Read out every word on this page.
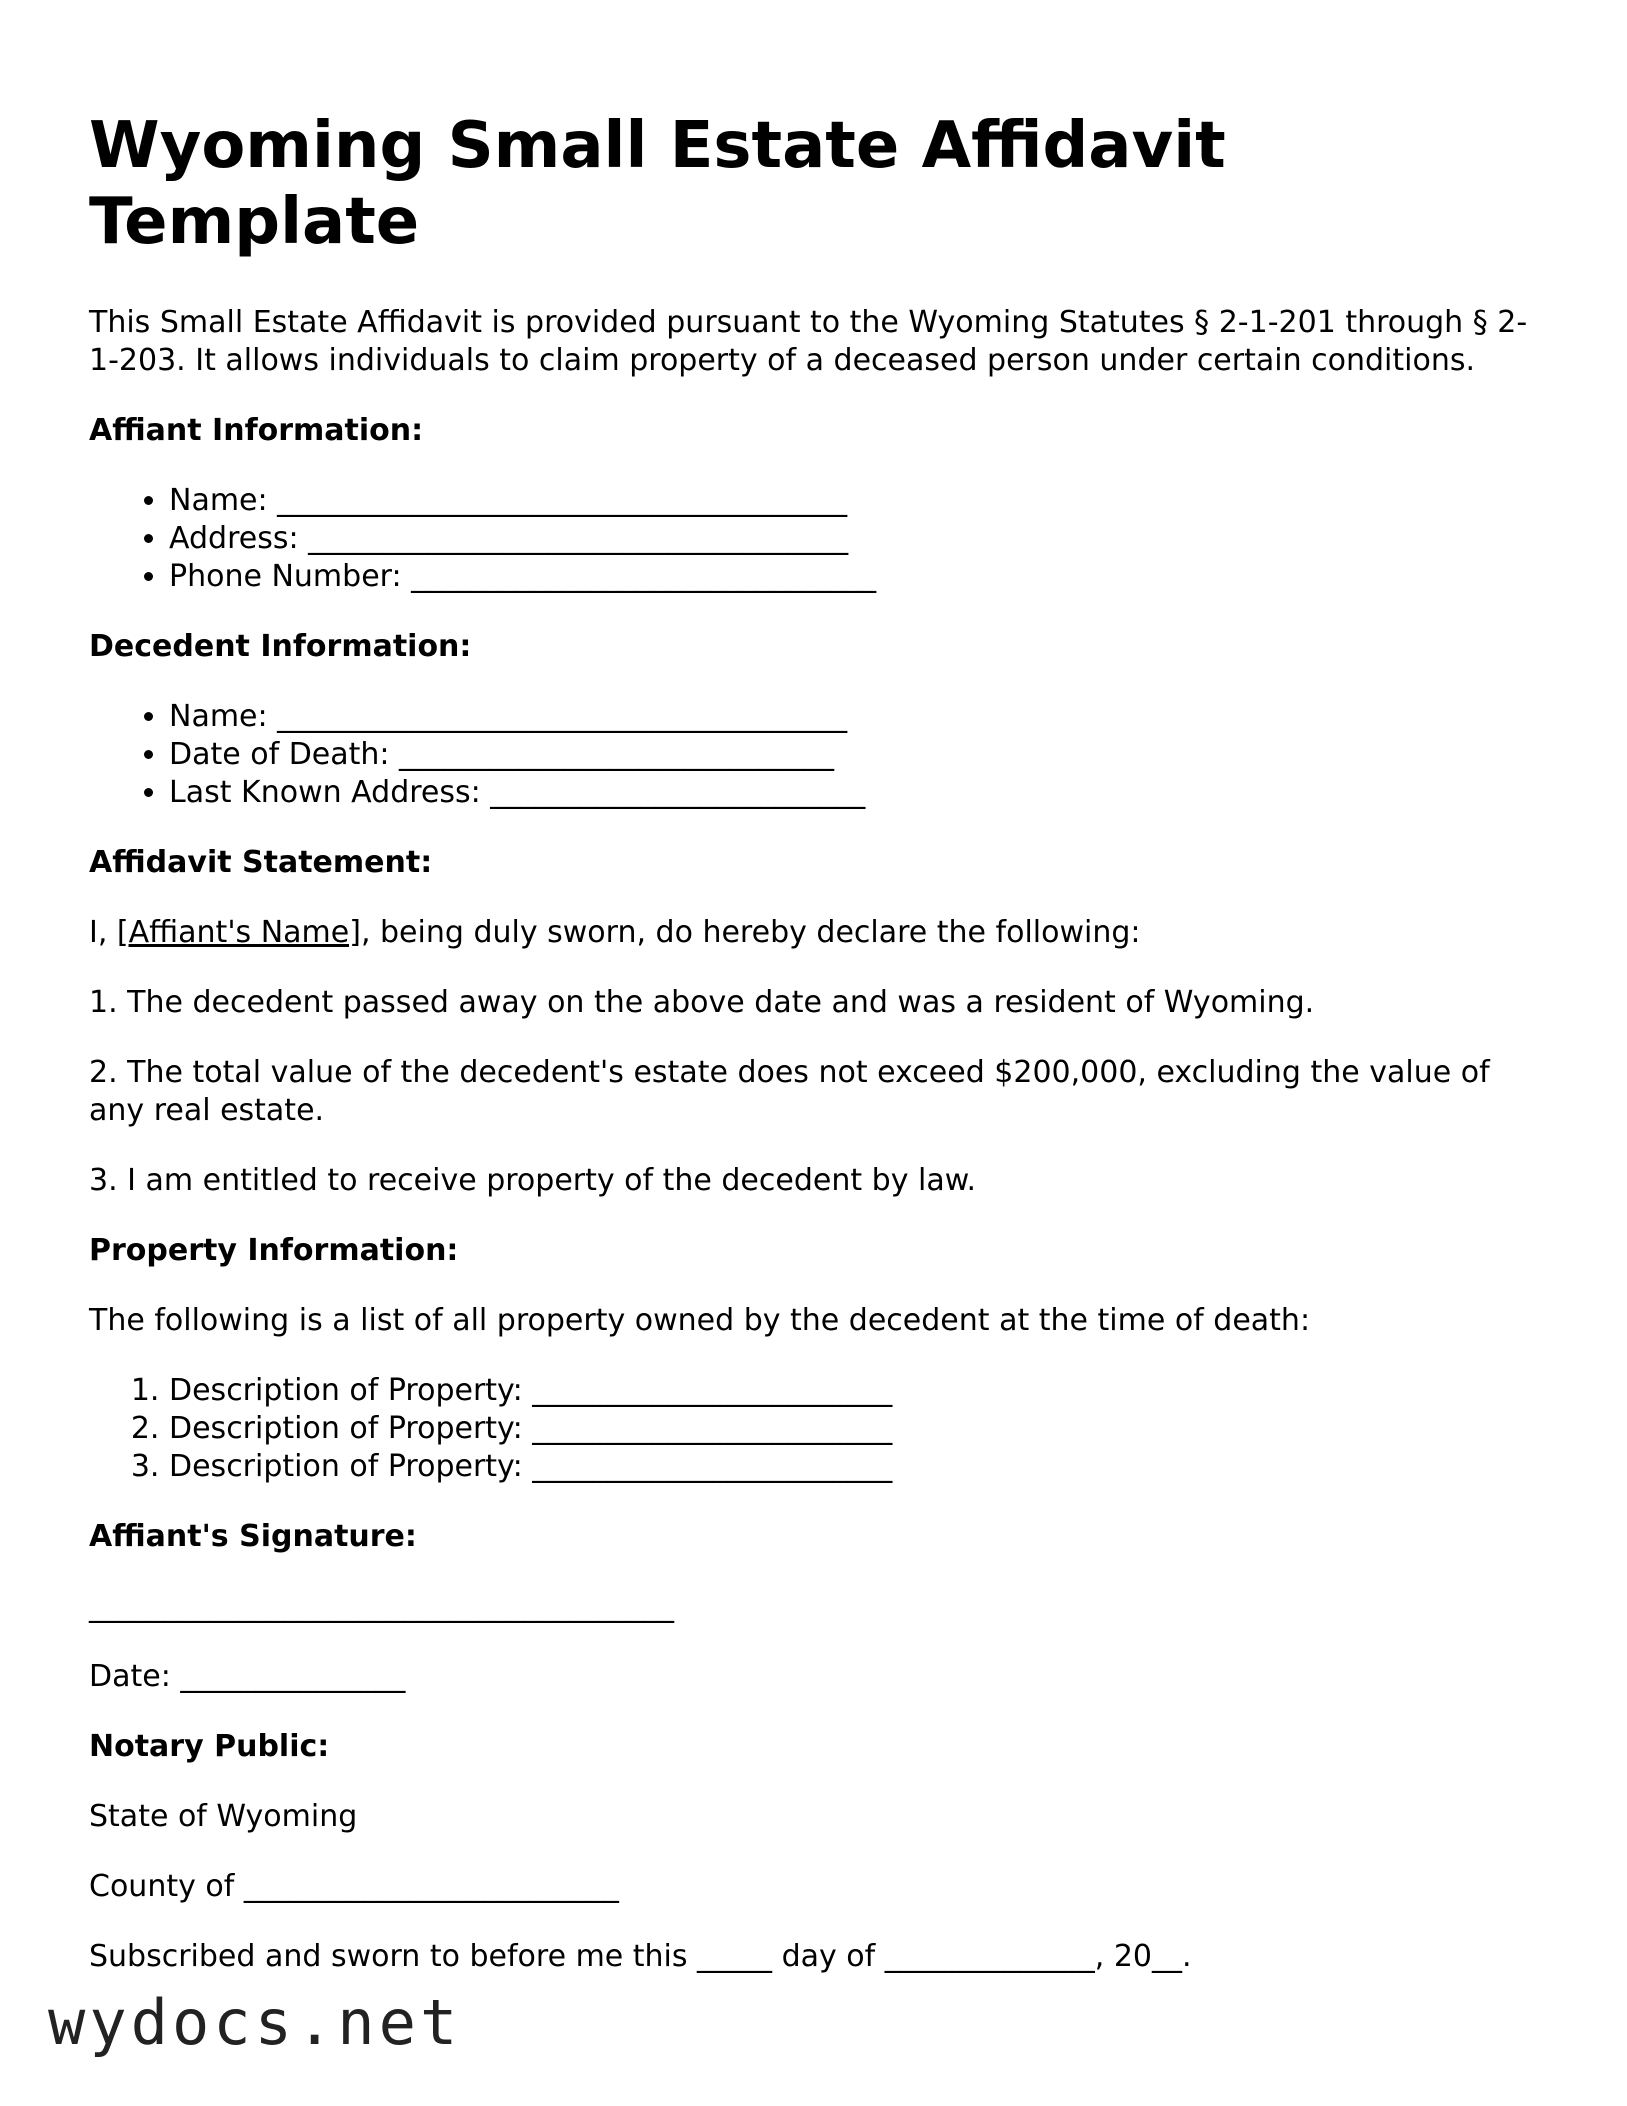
Wyoming Small Estate Affidavit Template

This Small Estate Affidavit is provided pursuant to the Wyoming Statutes § 2-1-201 through § 2-1-203. It allows individuals to claim property of a deceased person under certain conditions.

Affiant Information:

• Name: ______________________________________
• Address: ____________________________________
• Phone Number: _______________________________

Decedent Information:

• Name: ______________________________________
• Date of Death: _____________________________
• Last Known Address: _________________________

Affidavit Statement:

I, [Affiant's Name], being duly sworn, do hereby declare the following:

1. The decedent passed away on the above date and was a resident of Wyoming.

2. The total value of the decedent's estate does not exceed $200,000, excluding the value of any real estate.

3. I am entitled to receive property of the decedent by law.

Property Information:

The following is a list of all property owned by the decedent at the time of death:

1. Description of Property: ________________________
2. Description of Property: ________________________
3. Description of Property: ________________________

Affiant's Signature:

_______________________________________

Date: _______________

Notary Public:

State of Wyoming

County of _________________________

Subscribed and sworn to before me this _____ day of ______________, 20__.

wydocs.net
